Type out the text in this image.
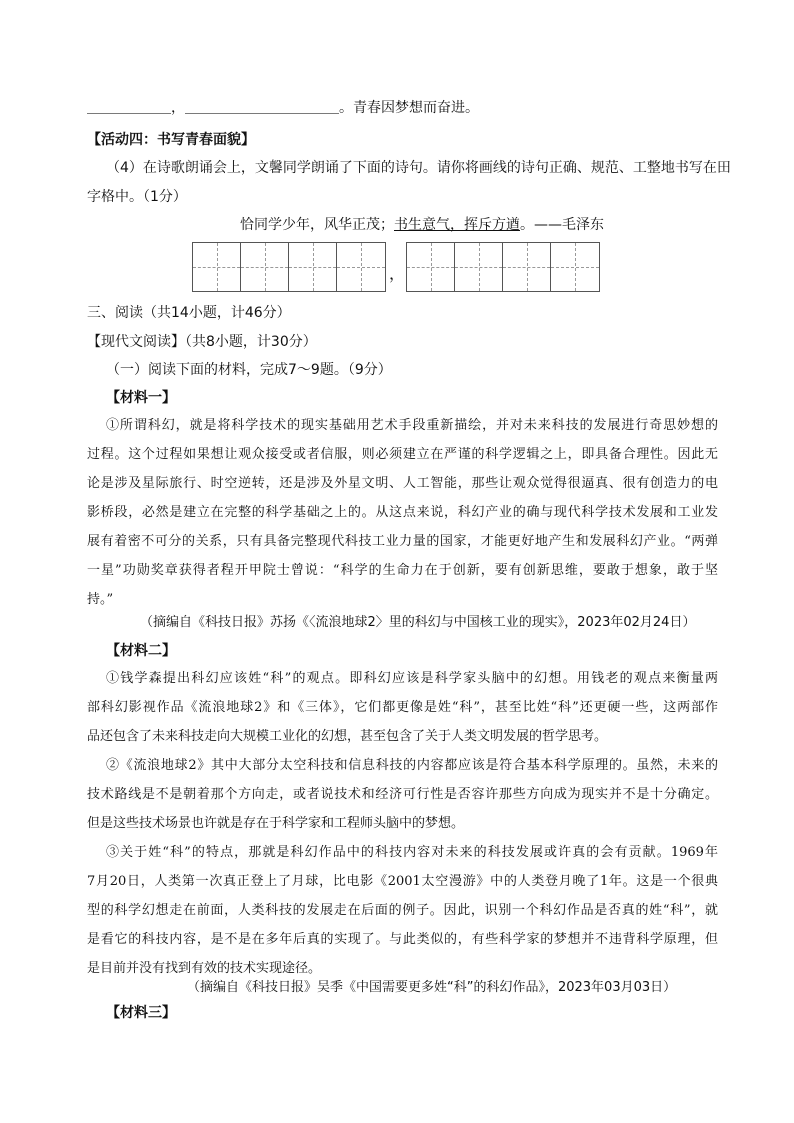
＿＿＿＿＿＿，＿＿＿＿＿＿＿＿＿＿＿。青春因梦想而奋进。
【活动四：书写青春面貌】
（4）在诗歌朗诵会上，文馨同学朗诵了下面的诗句。请你将画线的诗句正确、规范、工整地书写在田
字格中。（1分）
恰同学少年，风华正茂；书生意气，挥斥方遒。——毛泽东
，
三、阅读（共14小题，计46分）
【现代文阅读】（共8小题，计30分）
（一）阅读下面的材料，完成7～9题。（9分）
【材料一】
①所谓科幻，就是将科学技术的现实基础用艺术手段重新描绘，并对未来科技的发展进行奇思妙想的
过程。这个过程如果想让观众接受或者信服，则必须建立在严谨的科学逻辑之上，即具备合理性。因此无
论是涉及星际旅行、时空逆转，还是涉及外星文明、人工智能，那些让观众觉得很逼真、很有创造力的电
影桥段，必然是建立在完整的科学基础之上的。从这点来说，科幻产业的确与现代科学技术发展和工业发
展有着密不可分的关系，只有具备完整现代科技工业力量的国家，才能更好地产生和发展科幻产业。“两弹
一星”功勋奖章获得者程开甲院士曾说：“科学的生命力在于创新，要有创新思维，要敢于想象，敢于坚
持。”
（摘编自《科技日报》苏扬《〈流浪地球2〉里的科幻与中国核工业的现实》，2023年02月24日）
【材料二】
①钱学森提出科幻应该姓“科”的观点。即科幻应该是科学家头脑中的幻想。用钱老的观点来衡量两
部科幻影视作品《流浪地球2》和《三体》，它们都更像是姓“科”，甚至比姓“科”还更硬一些，这两部作
品还包含了未来科技走向大规模工业化的幻想，甚至包含了关于人类文明发展的哲学思考。
②《流浪地球2》其中大部分太空科技和信息科技的内容都应该是符合基本科学原理的。虽然，未来的
技术路线是不是朝着那个方向走，或者说技术和经济可行性是否容许那些方向成为现实并不是十分确定。
但是这些技术场景也许就是存在于科学家和工程师头脑中的梦想。
③关于姓“科”的特点，那就是科幻作品中的科技内容对未来的科技发展或许真的会有贡献。1969年
7月20日，人类第一次真正登上了月球，比电影《2001太空漫游》中的人类登月晚了1年。这是一个很典
型的科学幻想走在前面，人类科技的发展走在后面的例子。因此，识别一个科幻作品是否真的姓“科”，就
是看它的科技内容，是不是在多年后真的实现了。与此类似的，有些科学家的梦想并不违背科学原理，但
是目前并没有找到有效的技术实现途径。
（摘编自《科技日报》吴季《中国需要更多姓“科”的科幻作品》，2023年03月03日）
【材料三】
